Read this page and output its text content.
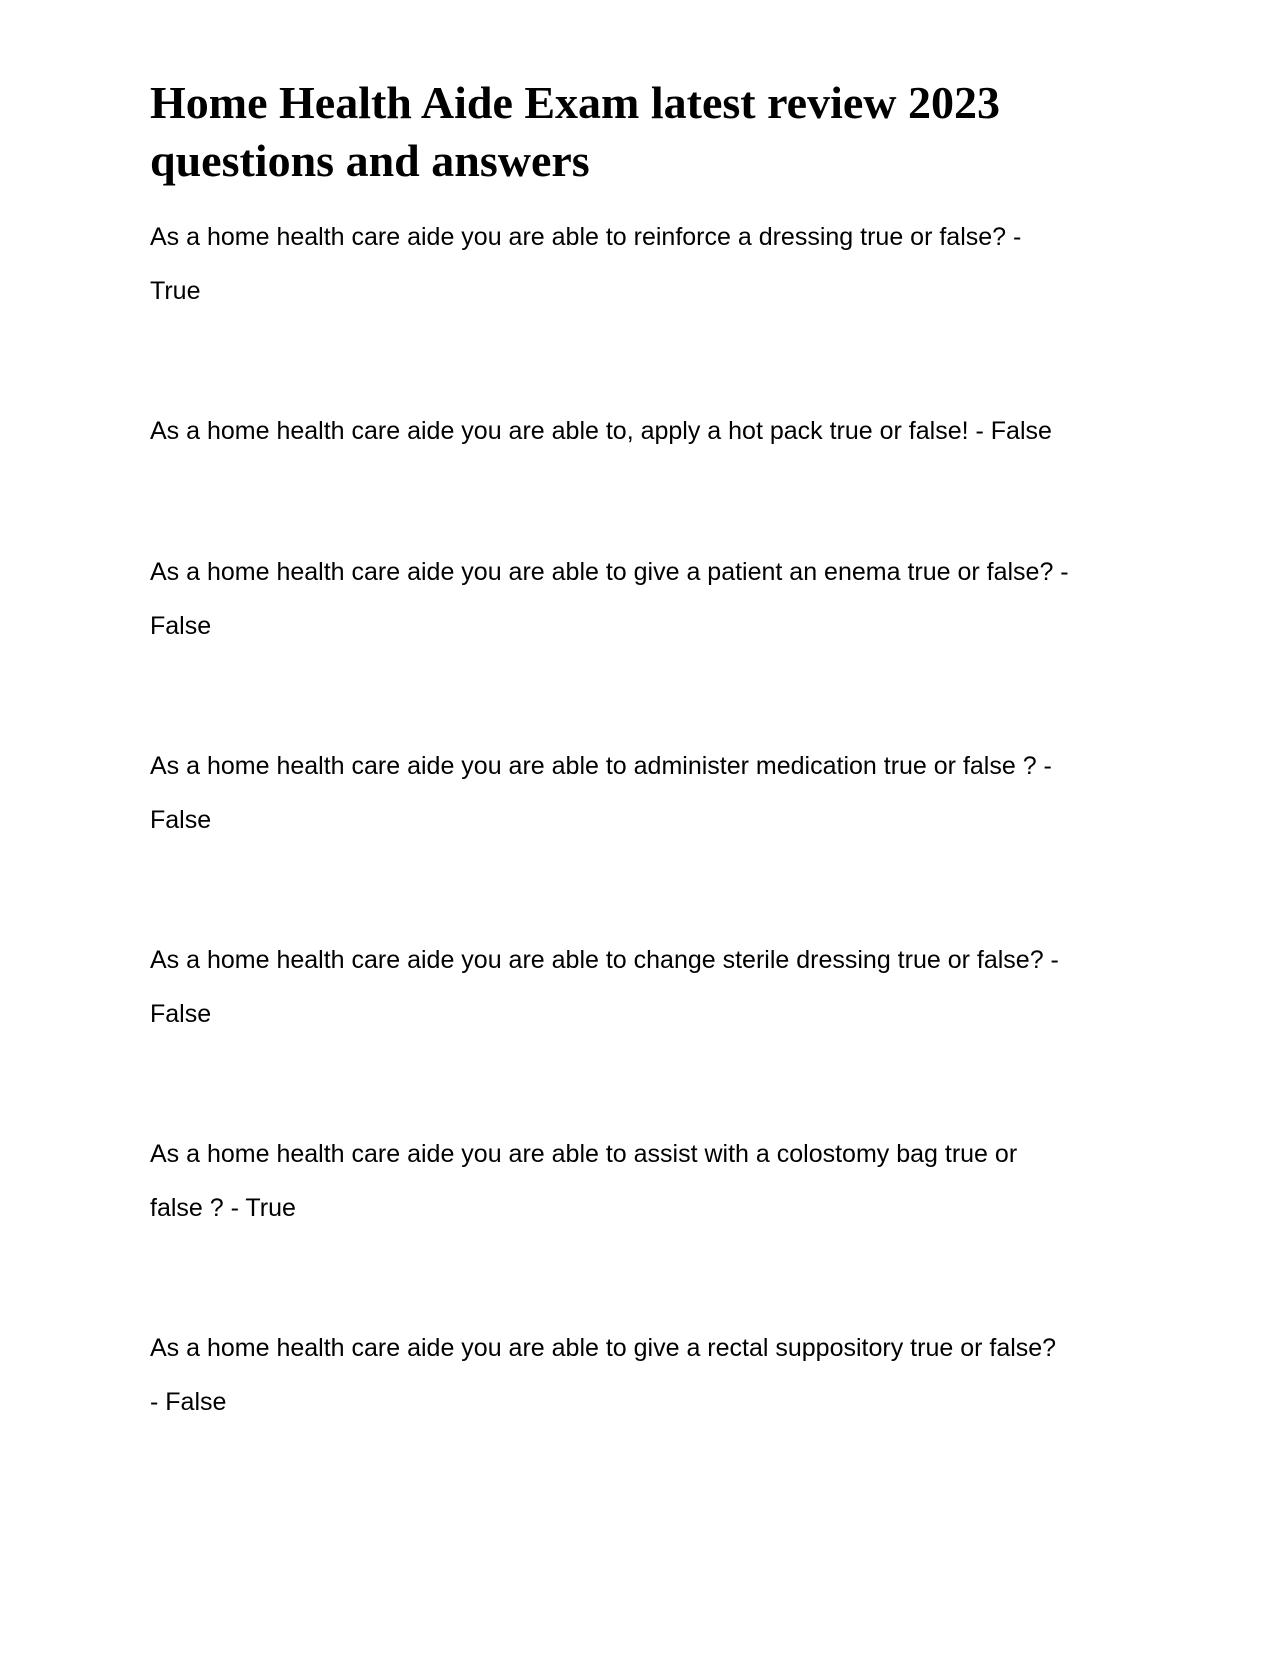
Home Health Aide Exam latest review 2023 questions and answers

As a home health care aide you are able to reinforce a dressing true or false? -
True

As a home health care aide you are able to, apply a hot pack true or false! - False

As a home health care aide you are able to give a patient an enema true or false? -
False

As a home health care aide you are able to administer medication true or false ? -
False

As a home health care aide you are able to change sterile dressing true or false? -
False

As a home health care aide you are able to assist with a colostomy bag true or
false ? - True

As a home health care aide you are able to give a rectal suppository true or false?
- False
